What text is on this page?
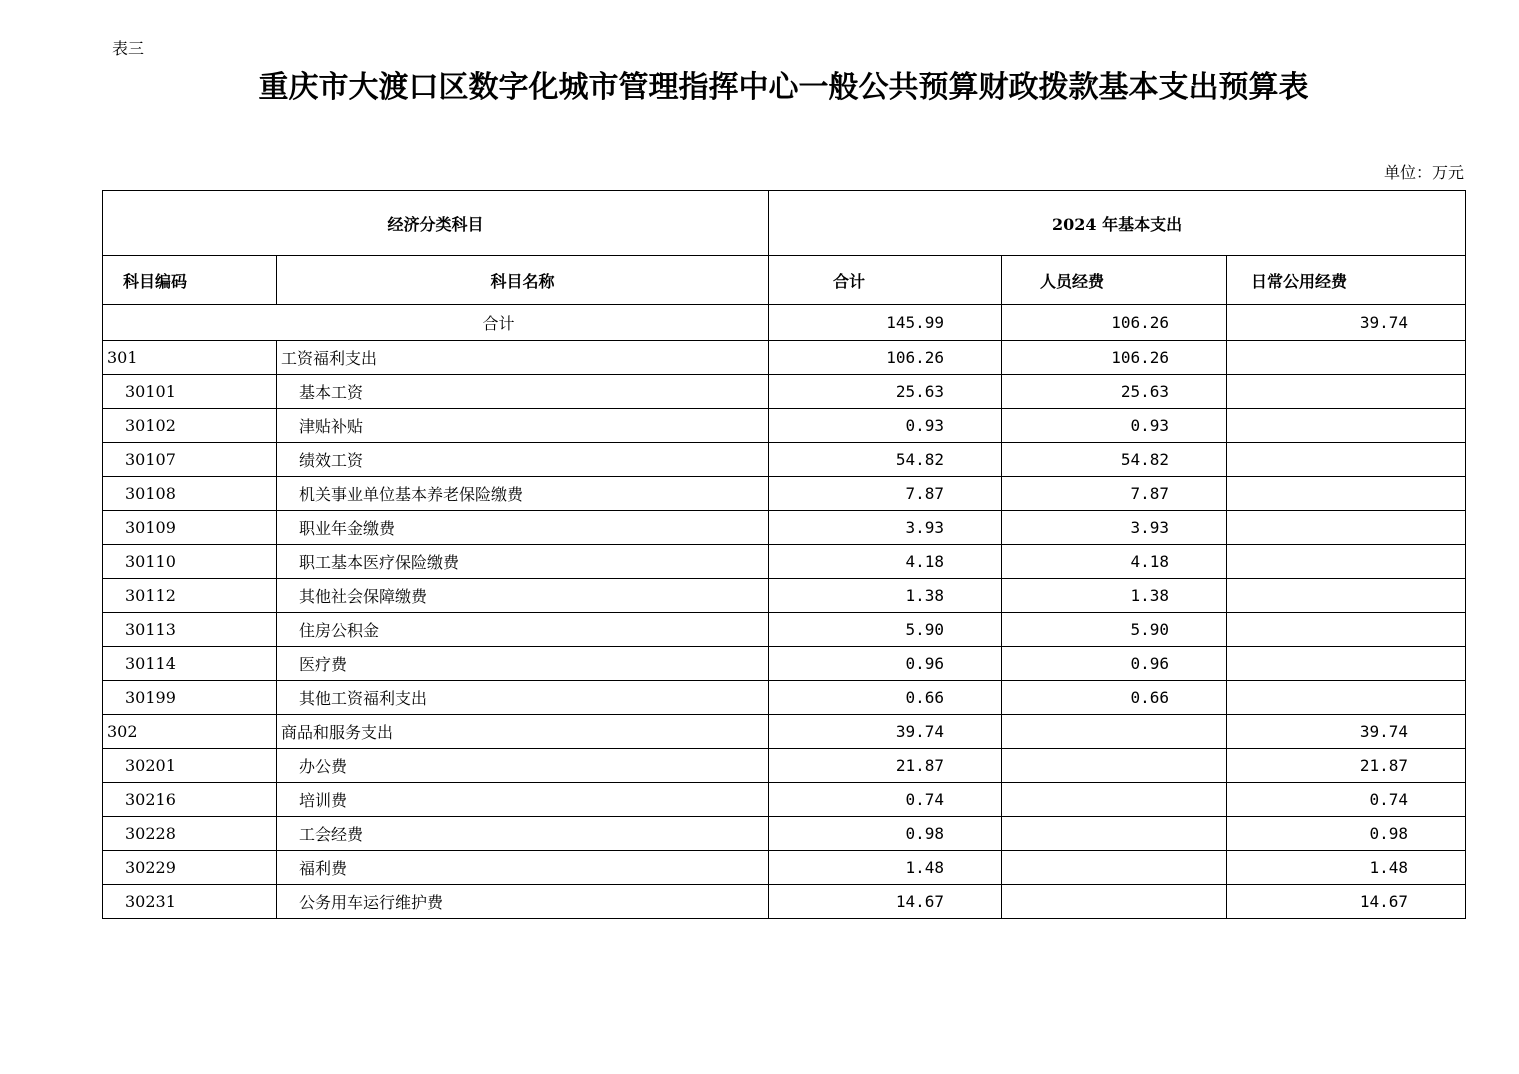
表三
重庆市大渡口区数字化城市管理指挥中心一般公共预算财政拨款基本支出预算表
单位：万元
经济分类科目		2024 年基本支出		
科目编码	科目名称	合计	人员经费	日常公用经费
合计		145.99	106.26	39.74
301	工资福利支出	106.26	106.26	
30101	基本工资	25.63	25.63	
30102	津贴补贴	0.93	0.93	
30107	绩效工资	54.82	54.82	
30108	机关事业单位基本养老保险缴费	7.87	7.87	
30109	职业年金缴费	3.93	3.93	
30110	职工基本医疗保险缴费	4.18	4.18	
30112	其他社会保障缴费	1.38	1.38	
30113	住房公积金	5.90	5.90	
30114	医疗费	0.96	0.96	
30199	其他工资福利支出	0.66	0.66	
302	商品和服务支出	39.74		39.74
30201	办公费	21.87		21.87
30216	培训费	0.74		0.74
30228	工会经费	0.98		0.98
30229	福利费	1.48		1.48
30231	公务用车运行维护费	14.67		14.67
